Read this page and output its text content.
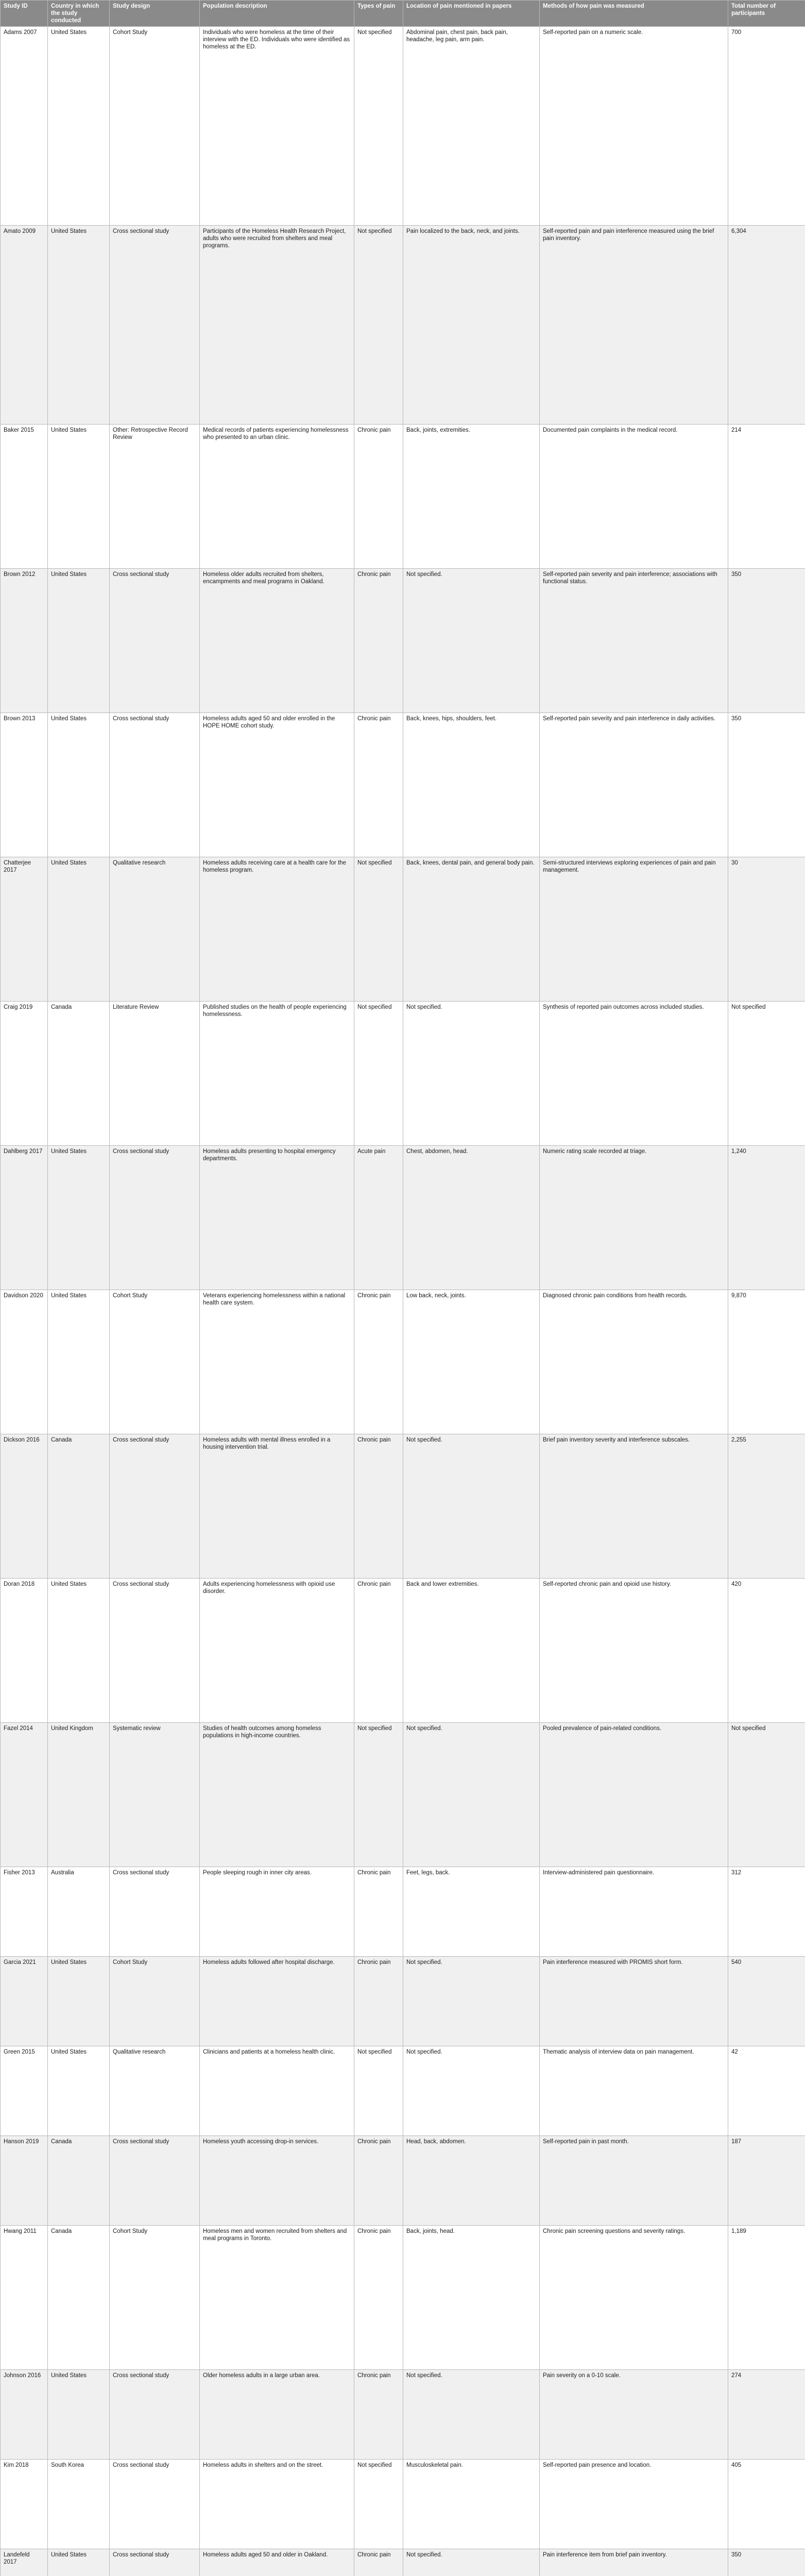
Study ID	Country in which the study conducted	Study design	Population description	Types of pain	Location of pain mentioned in papers	Methods of how pain was measured	Total number of participants
Adams 2007	United States	Cohort Study	Individuals who were homeless at the time of their interview with the ED. Individuals who were identified as homeless at the ED.	Not specified	Abdominal pain, chest pain, back pain, headache, leg pain, arm pain.	Self-reported pain on a numeric scale.	700
Amato 2009	United States	Cross sectional study	Participants of the Homeless Health Research Project, adults who were recruited from shelters and meal programs.	Not specified	Pain localized to the back, neck, and joints.	Self-reported pain and pain interference measured using the brief pain inventory.	6,304
Baker 2015	United States	Other: Retrospective Record Review	Medical records of patients experiencing homelessness who presented to an urban clinic.	Chronic pain	Back, joints, extremities.	Documented pain complaints in the medical record.	214
Brown 2012	United States	Cross sectional study	Homeless older adults recruited from shelters, encampments and meal programs in Oakland.	Chronic pain	Not specified.	Self-reported pain severity and pain interference; associations with functional status.	350
Brown 2013	United States	Cross sectional study	Homeless adults aged 50 and older enrolled in the HOPE HOME cohort study.	Chronic pain	Back, knees, hips, shoulders, feet.	Self-reported pain severity and pain interference in daily activities.	350
Chatterjee 2017	United States	Qualitative research	Homeless adults receiving care at a health care for the homeless program.	Not specified	Back, knees, dental pain, and general body pain.	Semi-structured interviews exploring experiences of pain and pain management.	30
Craig 2019	Canada	Literature Review	Published studies on the health of people experiencing homelessness.	Not specified	Not specified.	Synthesis of reported pain outcomes across included studies.	Not specified
Dahlberg 2017	United States	Cross sectional study	Homeless adults presenting to hospital emergency departments.	Acute pain	Chest, abdomen, head.	Numeric rating scale recorded at triage.	1,240
Davidson 2020	United States	Cohort Study	Veterans experiencing homelessness within a national health care system.	Chronic pain	Low back, neck, joints.	Diagnosed chronic pain conditions from health records.	9,870
Dickson 2016	Canada	Cross sectional study	Homeless adults with mental illness enrolled in a housing intervention trial.	Chronic pain	Not specified.	Brief pain inventory severity and interference subscales.	2,255
Doran 2018	United States	Cross sectional study	Adults experiencing homelessness with opioid use disorder.	Chronic pain	Back and lower extremities.	Self-reported chronic pain and opioid use history.	420
Fazel 2014	United Kingdom	Systematic review	Studies of health outcomes among homeless populations in high-income countries.	Not specified	Not specified.	Pooled prevalence of pain-related conditions.	Not specified
Fisher 2013	Australia	Cross sectional study	People sleeping rough in inner city areas.	Chronic pain	Feet, legs, back.	Interview-administered pain questionnaire.	312
Garcia 2021	United States	Cohort Study	Homeless adults followed after hospital discharge.	Chronic pain	Not specified.	Pain interference measured with PROMIS short form.	540
Green 2015	United States	Qualitative research	Clinicians and patients at a homeless health clinic.	Not specified	Not specified.	Thematic analysis of interview data on pain management.	42
Hanson 2019	Canada	Cross sectional study	Homeless youth accessing drop-in services.	Chronic pain	Head, back, abdomen.	Self-reported pain in past month.	187
Hwang 2011	Canada	Cohort Study	Homeless men and women recruited from shelters and meal programs in Toronto.	Chronic pain	Back, joints, head.	Chronic pain screening questions and severity ratings.	1,189
Johnson 2016	United States	Cross sectional study	Older homeless adults in a large urban area.	Chronic pain	Not specified.	Pain severity on a 0-10 scale.	274
Kim 2018	South Korea	Cross sectional study	Homeless adults in shelters and on the street.	Not specified	Musculoskeletal pain.	Self-reported pain presence and location.	405
Landefeld 2017	United States	Cross sectional study	Homeless adults aged 50 and older in Oakland.	Chronic pain	Not specified.	Pain interference item from brief pain inventory.	350
